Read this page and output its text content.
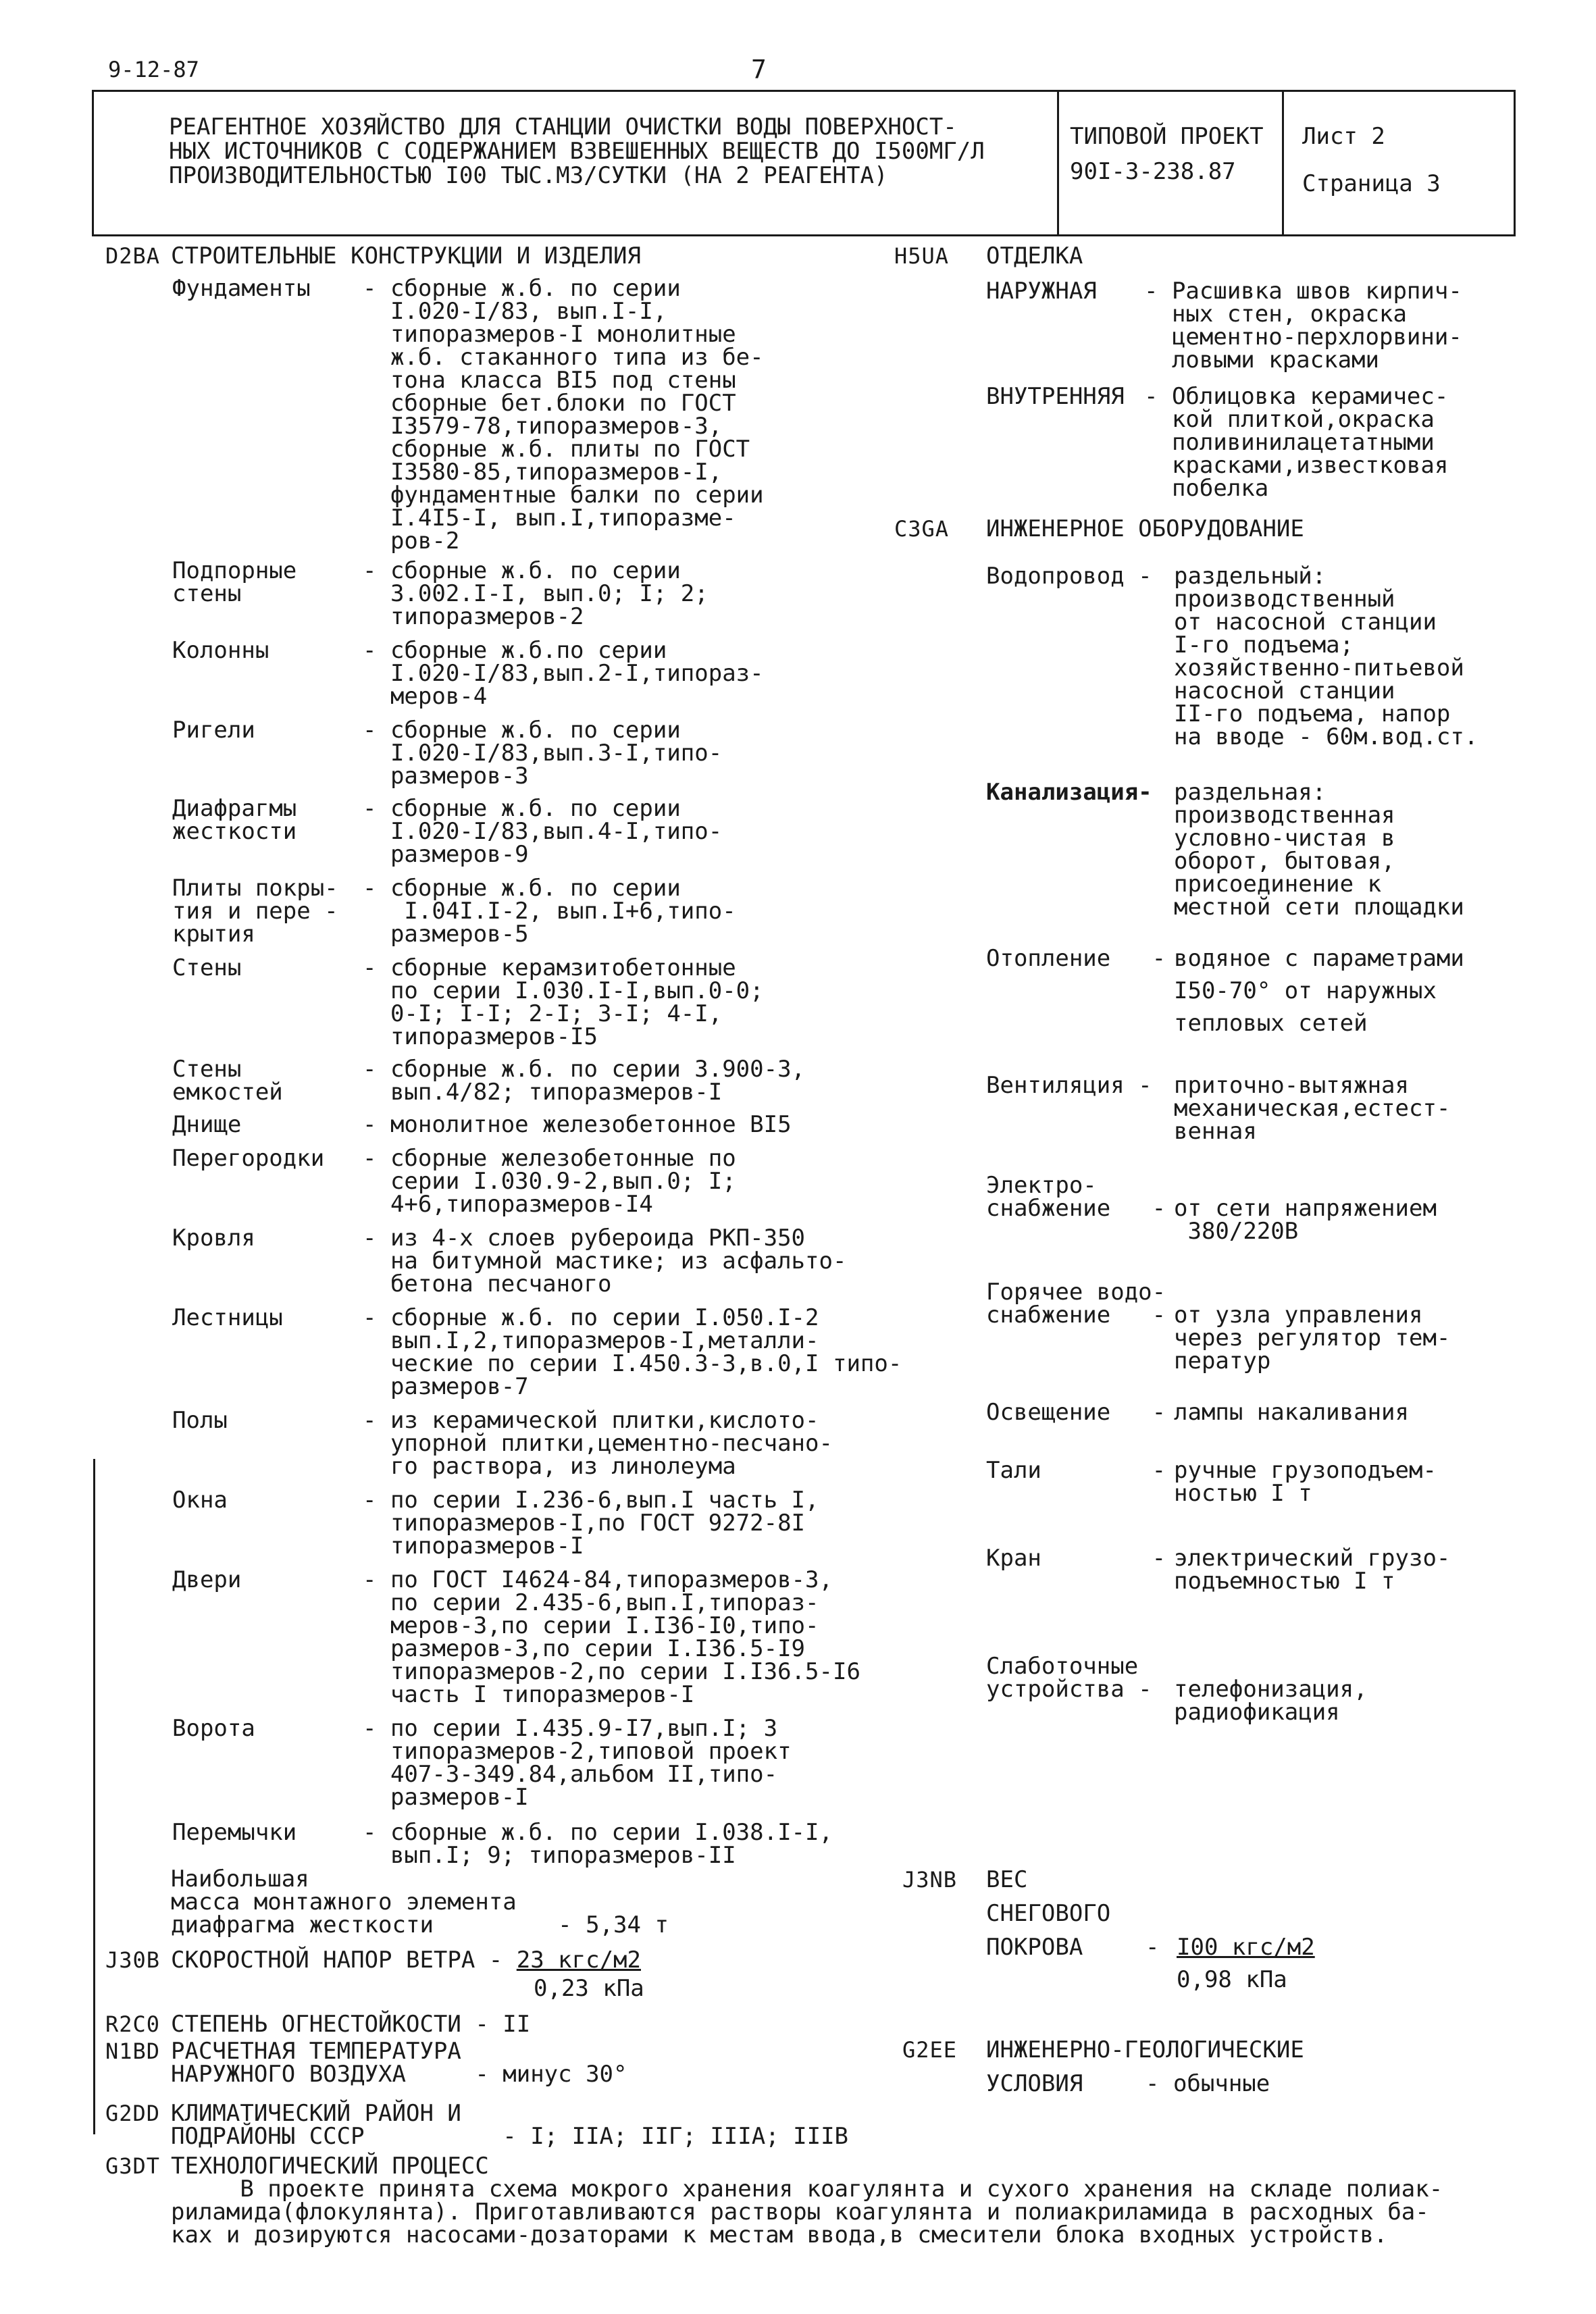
9-12-87	7
РЕАГЕНТНОЕ ХОЗЯЙСТВО ДЛЯ СТАНЦИИ ОЧИСТКИ ВОДЫ ПОВЕРХНОСТ-
НЫХ ИСТОЧНИКОВ С СОДЕРЖАНИЕМ ВЗВЕШЕННЫХ ВЕЩЕСТВ ДО I500МГ/Л
ПРОИЗВОДИТЕЛЬНОСТЬЮ I00 ТЫС.М3/СУТКИ (НА 2 РЕАГЕНТА)
ТИПОВОЙ ПРОЕКТ
90I-3-238.87
Лист 2
Страница 3
D2BA СТРОИТЕЛЬНЫЕ КОНСТРУКЦИИ И ИЗДЕЛИЯ
Фундаменты - сборные ж.б. по серии
I.020-I/83, вып.I-I,
типоразмеров-I монолитные
ж.б. стаканного типа из бе-
тона класса BI5 под стены
сборные бет.блоки по ГОСТ
I3579-78,типоразмеров-3,
сборные ж.б. плиты по ГОСТ
I3580-85,типоразмеров-I,
фундаментные балки по серии
I.4I5-I, вып.I,типоразме-
ров-2
Подпорные
стены
- сборные ж.б. по серии
3.002.I-I, вып.0; I; 2;
типоразмеров-2
Колонны	- сборные ж.б.по серии
I.020-I/83,вып.2-I,типораз-
меров-4
Ригели	- сборные ж.б. по серии
I.020-I/83,вып.3-I,типо-
размеров-3
Диафрагмы
жесткости
- сборные ж.б. по серии
I.020-I/83,вып.4-I,типо-
размеров-9
Плиты покры-
тия и пере -
крытия
- сборные ж.б. по серии
I.04I.I-2, вып.I+6,типо-
размеров-5
Стены	- сборные керамзитобетонные
по серии I.030.I-I,вып.0-0;
0-I; I-I; 2-I; 3-I; 4-I,
типоразмеров-I5
Стены
емкостей
- сборные ж.б. по серии 3.900-3,
вып.4/82; типоразмеров-I
Днище	- монолитное железобетонное BI5
Перегородки - сборные железобетонные по
серии I.030.9-2,вып.0; I;
4+6,типоразмеров-I4
Кровля	- из 4-х слоев рубероида РКП-350
на битумной мастике; из асфальто-
бетона песчаного
Лестницы	- сборные ж.б. по серии I.050.I-2
вып.I,2,типоразмеров-I,металли-
ческие по серии I.450.3-3,в.0,I типо-
размеров-7
Полы	- из керамической плитки,кислото-
упорной плитки,цементно-песчано-
го раствора, из линолеума
Окна	- по серии I.236-6,вып.I часть I,
типоразмеров-I,по ГОСТ 9272-8I
типоразмеров-I
Двери	- по ГОСТ I4624-84,типоразмеров-3,
по серии 2.435-6,вып.I,типораз-
меров-3,по серии I.I36-I0,типо-
размеров-3,по серии I.I36.5-I9
типоразмеров-2,по серии I.I36.5-I6
часть I типоразмеров-I
Ворота	- по серии I.435.9-I7,вып.I; 3
типоразмеров-2,типовой проект
407-3-349.84,альбом II,типо-
размеров-I
Перемычки	- сборные ж.б. по серии I.038.I-I,
вып.I; 9; типоразмеров-II
Наибольшая
масса монтажного элемента
диафрагма жесткости         - 5,34 т
J30B СКОРОСТНОЙ НАПОР ВЕТРА - 23 кгс/м2
0,23 кПа
R2C0 СТЕПЕНЬ ОГНЕСТОЙКОСТИ - II
N1BD РАСЧЕТНАЯ ТЕМПЕРАТУРА
НАРУЖНОГО ВОЗДУХА     - минус 30°
G2DD КЛИМАТИЧЕСКИЙ РАЙОН И
ПОДРАЙОНЫ СССР          - I; IIA; IIГ; IIIA; IIIB
G3DT ТЕХНОЛОГИЧЕСКИЙ ПРОЦЕСС
В проекте принята схема мокрого хранения коагулянта и сухого хранения на складе полиак-
риламида(флокулянта). Приготавливаются растворы коагулянта и полиакриламида в расходных ба-
ках и дозируются насосами-дозаторами к местам ввода,в смесители блока входных устройств.
H5UA ОТДЕЛКА
НАРУЖНАЯ - Расшивка швов кирпич-
ных стен, окраска
цементно-перхлорвини-
ловыми красками
ВНУТРЕННЯЯ - Облицовка керамичес-
кой плиткой,окраска
поливинилацетатными
красками,известковая
побелка
C3GA ИНЖЕНЕРНОЕ ОБОРУДОВАНИЕ
Водопровод - раздельный:
производственный
от насосной станции
I-го подъема;
хозяйственно-питьевой
насосной станции
II-го подъема, напор
на вводе - 60м.вод.ст.
Канализация- раздельная:
производственная
условно-чистая в
оборот, бытовая,
присоединение к
местной сети площадки
Отопление   - водяное с параметрами
I50-70° от наружных
тепловых сетей
Вентиляция - приточно-вытяжная
механическая,естест-
венная
Электро-
снабжение   - от сети напряжением
380/220B
Горячее водо-
снабжение   - от узла управления
через регулятор тем-
ператур
Освещение   - лампы накаливания
Тали        - ручные грузоподъем-
ностью I т
Кран        - электрический грузо-
подъемностью I т
Слаботочные
устройства - телефонизация,
радиофикация
J3NB ВЕС
СНЕГОВОГО
ПОКРОВА	- I00 кгс/м2
0,98 кПа
G2EE ИНЖЕНЕРНО-ГЕОЛОГИЧЕСКИЕ
УСЛОВИЯ	- обычные
